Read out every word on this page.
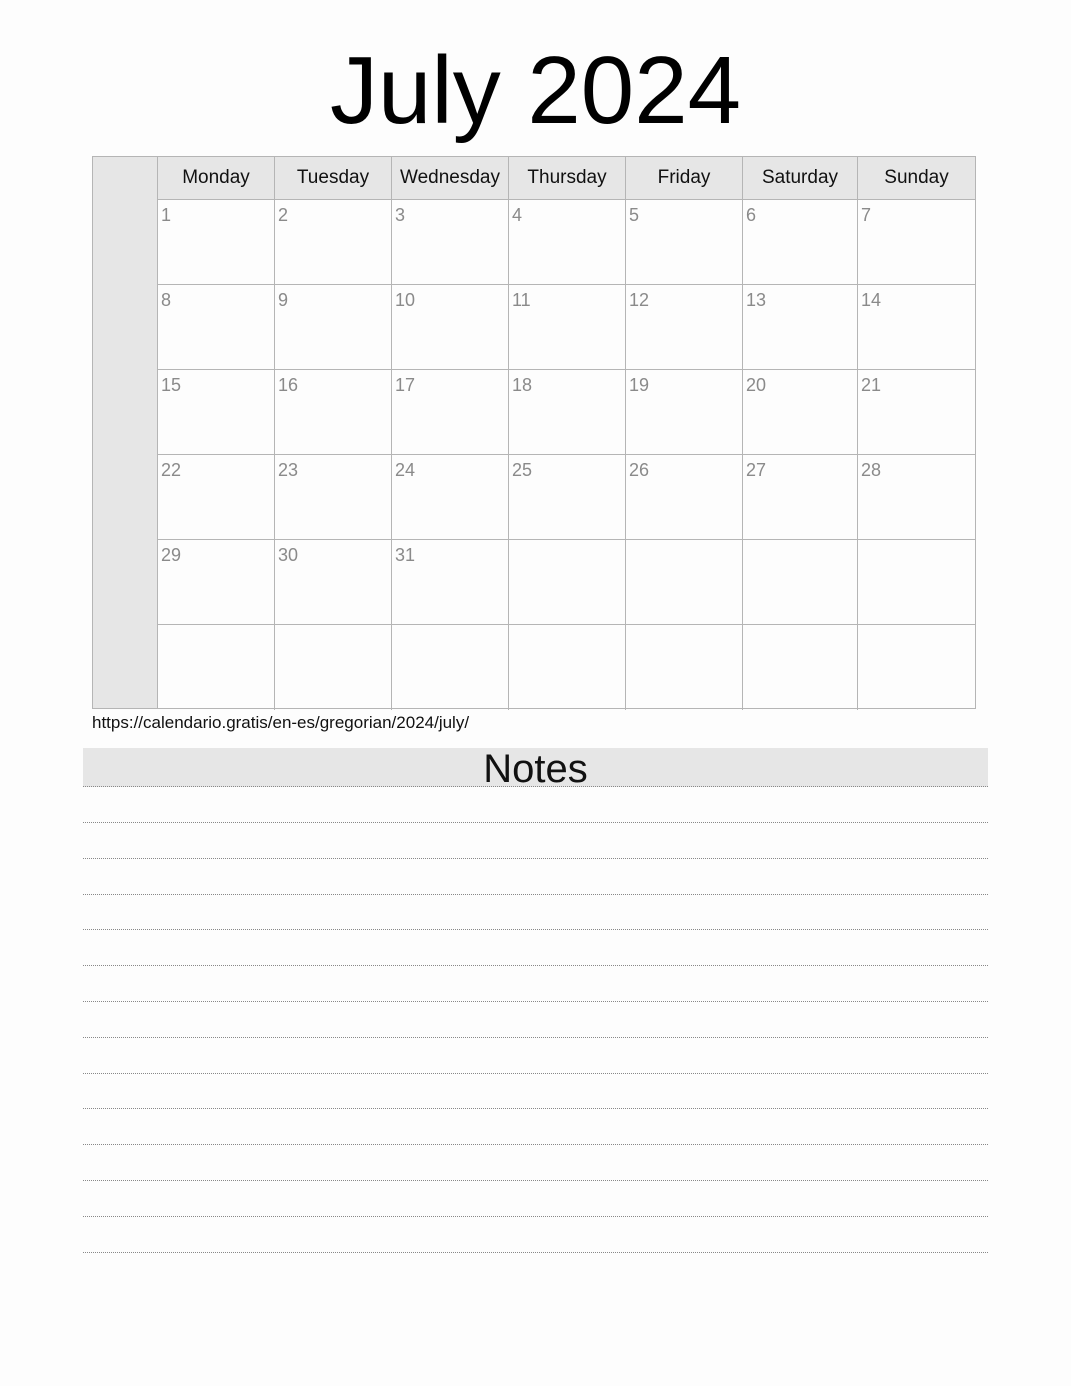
July 2024
Monday	Tuesday	Wednesday	Thursday	Friday	Saturday	Sunday
1	2	3	4	5	6	7
8	9	10	11	12	13	14
15	16	17	18	19	20	21
22	23	24	25	26	27	28
29	30	31
https://calendario.gratis/en-es/gregorian/2024/july/
Notes
